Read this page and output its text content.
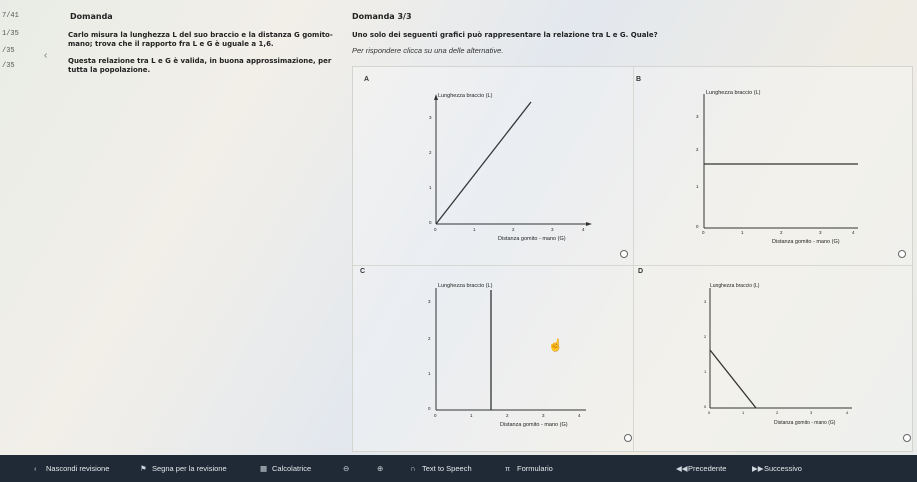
7/41
1/35
/35
/35
‹
Domanda	Domanda 3/3
Carlo misura la lunghezza L del suo braccio e la distanza G gomito-
mano; trova che il rapporto fra L e G è uguale a 1,6.
Questa relazione tra L e G è valida, in buona approssimazione, per
tutta la popolazione.
Uno solo dei seguenti grafici può rappresentare la relazione tra L e G. Quale?
Per rispondere clicca su una delle alternative.
A
Lunghezza braccio (L)
Distanza gomito - mano (G)
3
2
1
0
0	1	2	3	4
B
Lunghezza braccio (L)
Distanza gomito - mano (G)
3
2
1
0
0	1	2	3	4
C
Lunghezza braccio (L)
Distanza gomito - mano (G)
3
2
1
0
0	1	2	3	4
D
Lunghezza braccio (L)
Distanza gomito - mano (G)
3
2
1
0
0	1	2	3	4
☝
‹ Nascondi revisione	⚑ Segna per la revisione	▦ Calcolatrice	⊖	⊕	∩ Text to Speech	π Formulario	◀◀Precedente	▶▶Successivo
